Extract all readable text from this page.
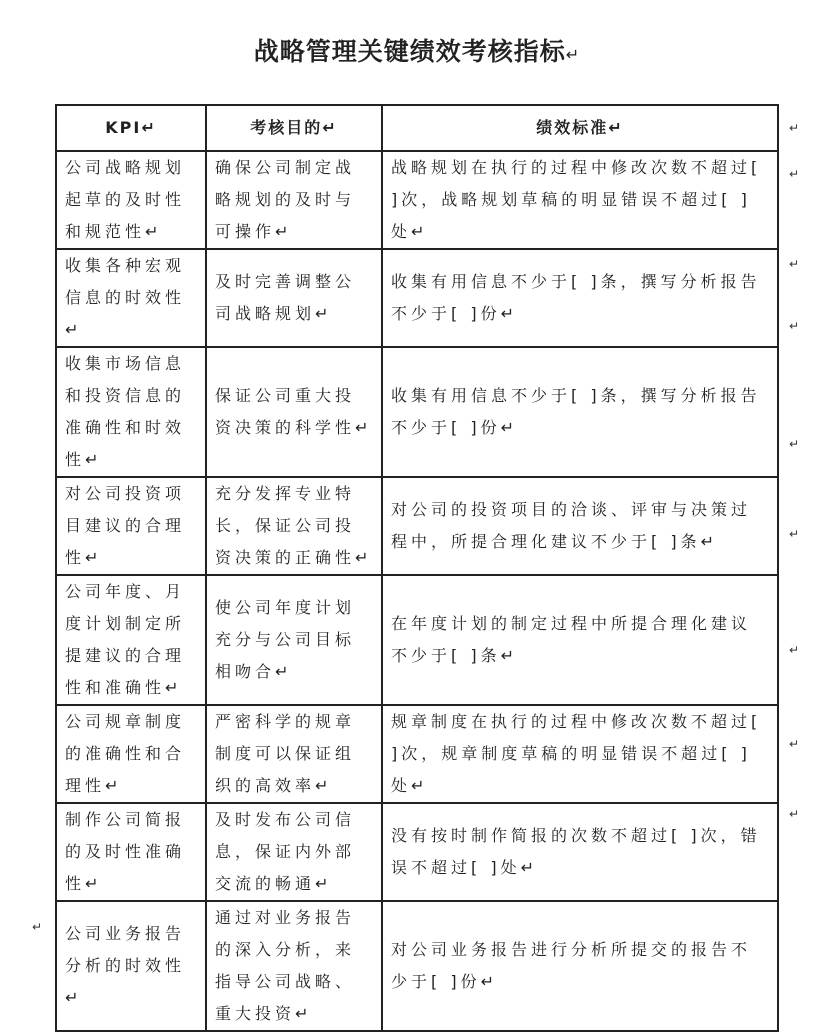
战略管理关键绩效考核指标↵
KPI↵	考核目的↵	绩效标准↵
公司战略规划起草的及时性和规范性↵	确保公司制定战略规划的及时与可操作↵	战略规划在执行的过程中修改次数不超过[ ]次，战略规划草稿的明显错误不超过[ ]处↵
收集各种宏观信息的时效性↵	及时完善调整公司战略规划↵	收集有用信息不少于[ ]条，撰写分析报告不少于[ ]份↵
收集市场信息和投资信息的准确性和时效性↵	保证公司重大投资决策的科学性↵	收集有用信息不少于[ ]条，撰写分析报告不少于[ ]份↵
对公司投资项目建议的合理性↵	充分发挥专业特长，保证公司投资决策的正确性↵	对公司的投资项目的洽谈、评审与决策过程中，所提合理化建议不少于[ ]条↵
公司年度、月度计划制定所提建议的合理性和准确性↵	使公司年度计划充分与公司目标相吻合↵	在年度计划的制定过程中所提合理化建议不少于[ ]条↵
公司规章制度的准确性和合理性↵	严密科学的规章制度可以保证组织的高效率↵	规章制度在执行的过程中修改次数不超过[ ]次，规章制度草稿的明显错误不超过[ ]处↵
制作公司简报的及时性准确性↵	及时发布公司信息，保证内外部交流的畅通↵	没有按时制作简报的次数不超过[ ]次，错误不超过[ ]处↵
公司业务报告分析的时效性↵	通过对业务报告的深入分析，来指导公司战略、重大投资↵	对公司业务报告进行分析所提交的报告不少于[ ]份↵
↵
↵
↵
↵
↵
↵
↵
↵
↵
↵
